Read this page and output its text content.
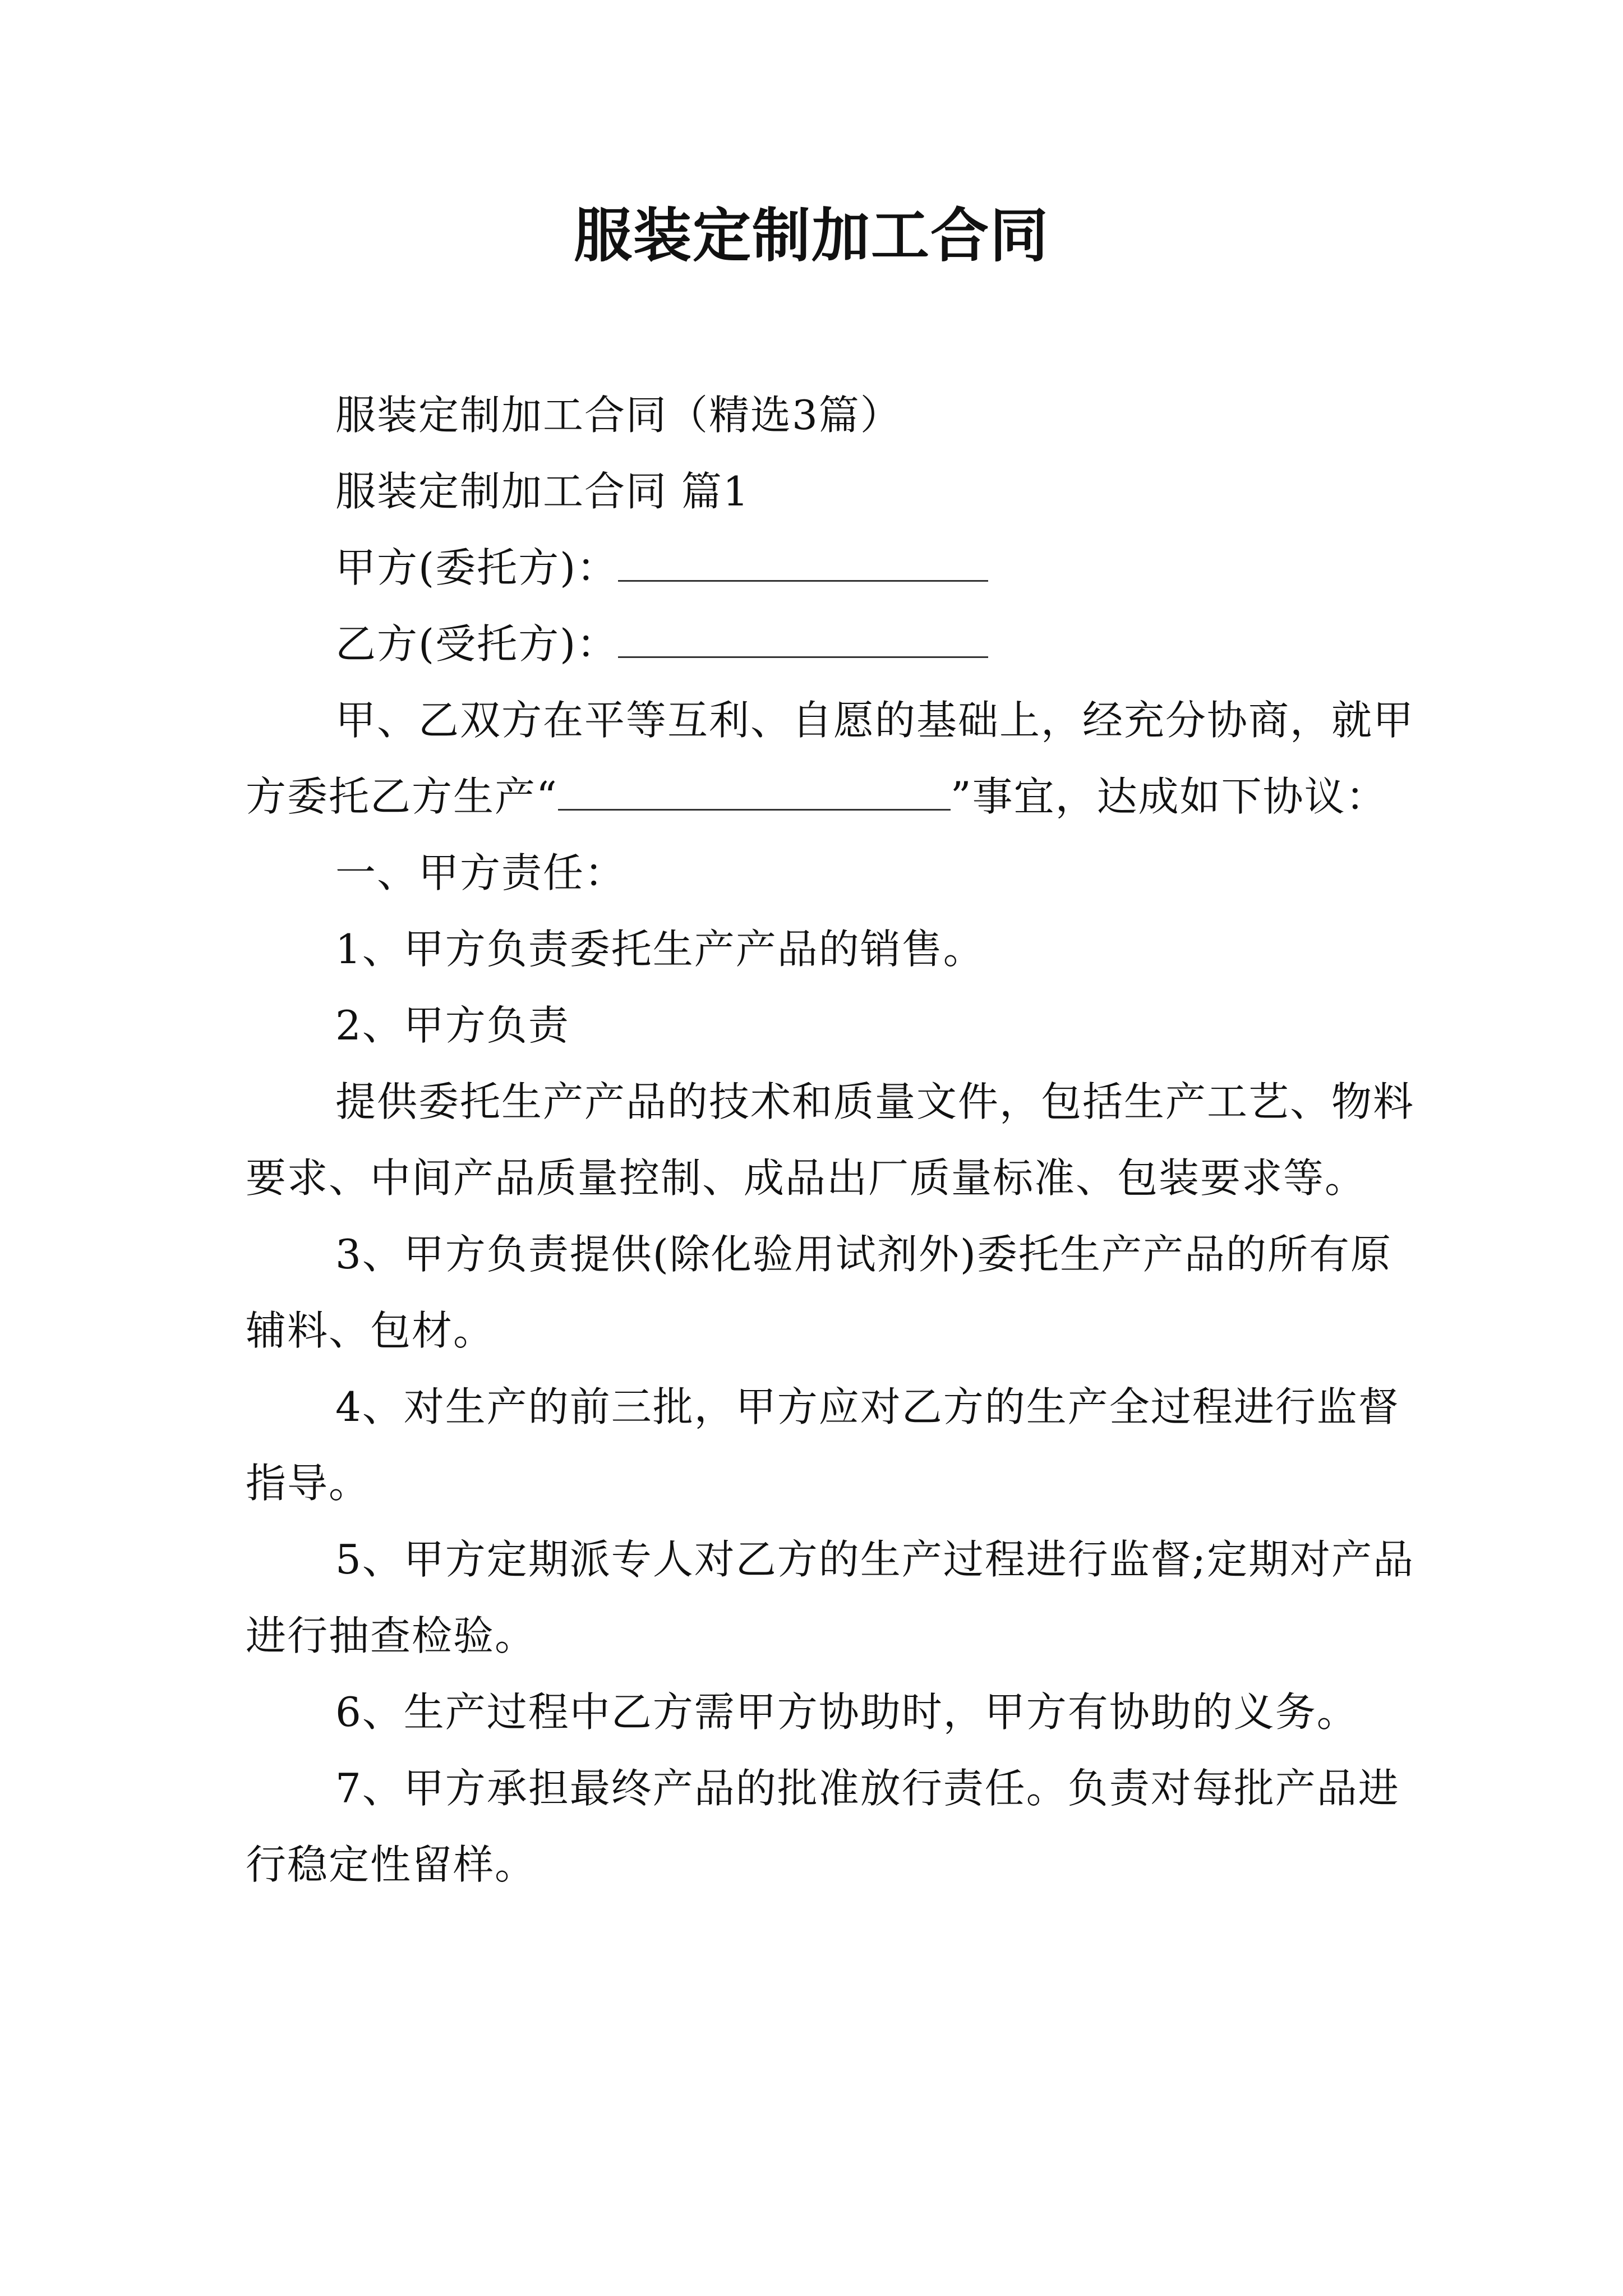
服装定制加工合同

服装定制加工合同（精选3篇）

服装定制加工合同 篇1

甲方(委托方)：

乙方(受托方)：

甲、乙双方在平等互利、自愿的基础上，经充分协商，就甲方委托乙方生产“	”事宜，达成如下协议：

一、甲方责任：

1、甲方负责委托生产产品的销售。

2、甲方负责

提供委托生产产品的技术和质量文件，包括生产工艺、物料要求、中间产品质量控制、成品出厂质量标准、包装要求等。

3、甲方负责提供(除化验用试剂外)委托生产产品的所有原辅料、包材。

4、对生产的前三批，甲方应对乙方的生产全过程进行监督指导。

5、甲方定期派专人对乙方的生产过程进行监督;定期对产品进行抽查检验。

6、生产过程中乙方需甲方协助时，甲方有协助的义务。

7、甲方承担最终产品的批准放行责任。负责对每批产品进行稳定性留样。
